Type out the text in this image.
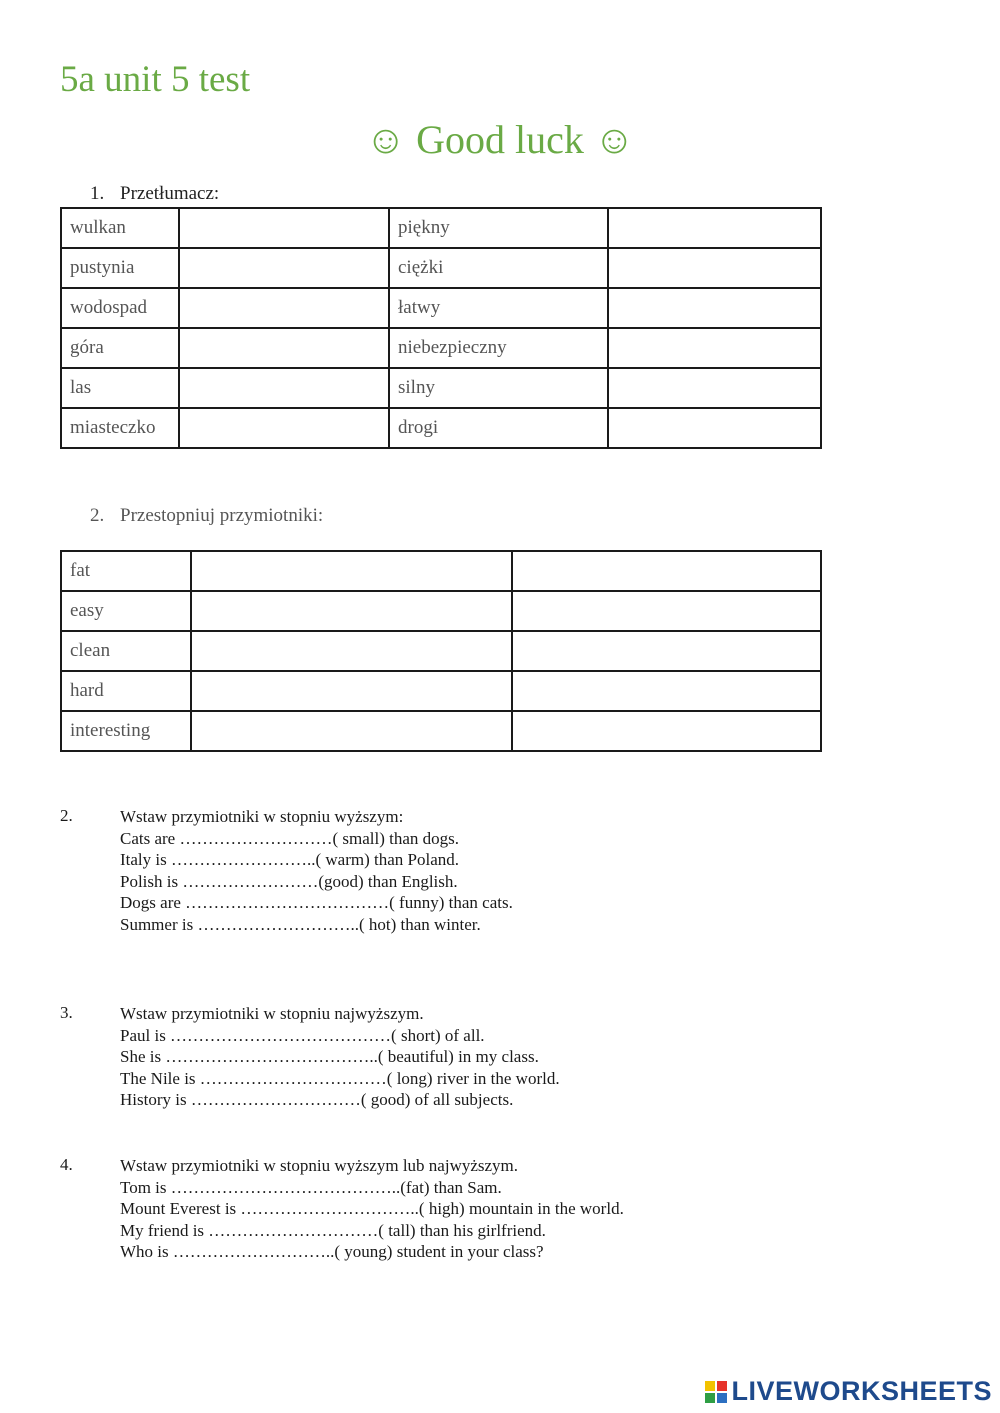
5a unit 5 test
☺ Good luck ☺
1. Przetłumacz:
wulkan		piękny	
pustynia		ciężki	
wodospad		łatwy	
góra		niebezpieczny	
las		silny	
miasteczko		drogi	
2. Przestopniuj przymiotniki:
fat		
easy		
clean		
hard		
interesting		
2.	Wstaw przymiotniki w stopniu wyższym:
Cats are ………………………( small) than dogs.
Italy is ……………………..( warm) than Poland.
Polish is ……………………(good) than English.
Dogs are ………………………………( funny) than cats.
Summer is ………………………..( hot) than winter.
3.	Wstaw przymiotniki w stopniu najwyższym.
Paul is …………………………………( short) of all.
She is ………………………………..( beautiful) in my class.
The Nile is ……………………………( long) river in the world.
History is …………………………( good) of all subjects.
4.	Wstaw przymiotniki w stopniu wyższym lub najwyższym.
Tom is …………………………………..(fat) than Sam.
Mount Everest is …………………………..( high) mountain in the world.
My friend is …………………………( tall) than his girlfriend.
Who is ………………………..( young) student in your class?
LIVEWORKSHEETS
